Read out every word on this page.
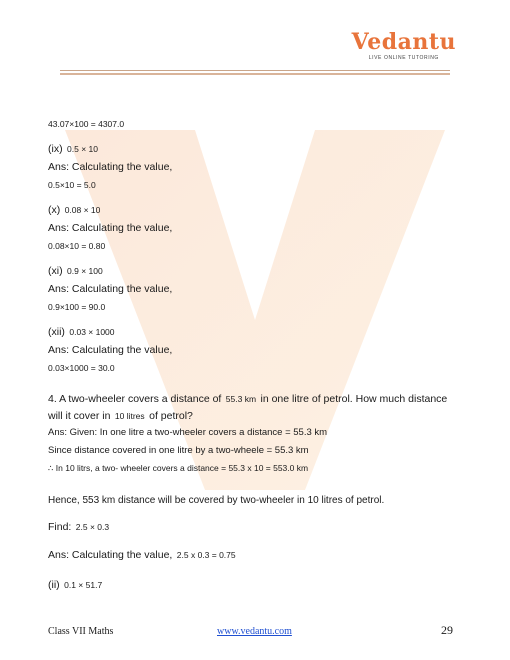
Vedantu
LIVE ONLINE TUTORING
43.07×100 = 4307.0
(ix) 0.5 × 10
Ans: Calculating the value,
0.5×10 = 5.0
(x) 0.08 × 10
Ans: Calculating the value,
0.08×10 = 0.80
(xi) 0.9 × 100
Ans: Calculating the value,
0.9×100 = 90.0
(xii) 0.03 × 1000
Ans: Calculating the value,
0.03×1000 = 30.0
4. A two-wheeler covers a distance of 55.3 km in one litre of petrol. How much distance
will it cover in 10 litres of petrol?
Ans: Given: In one litre a two-wheeler covers a distance = 55.3 km
Since distance covered in one litre by a two-wheele = 55.3 km
∴ In 10 litrs, a two- wheeler covers a distance = 55.3 x 10 = 553.0 km
Hence, 553 km distance will be covered by two-wheeler in 10 litres of petrol.
Find: 2.5 × 0.3
Ans: Calculating the value, 2.5 x 0.3 = 0.75
(ii) 0.1 × 51.7
Class VII Maths	www.vedantu.com	29
